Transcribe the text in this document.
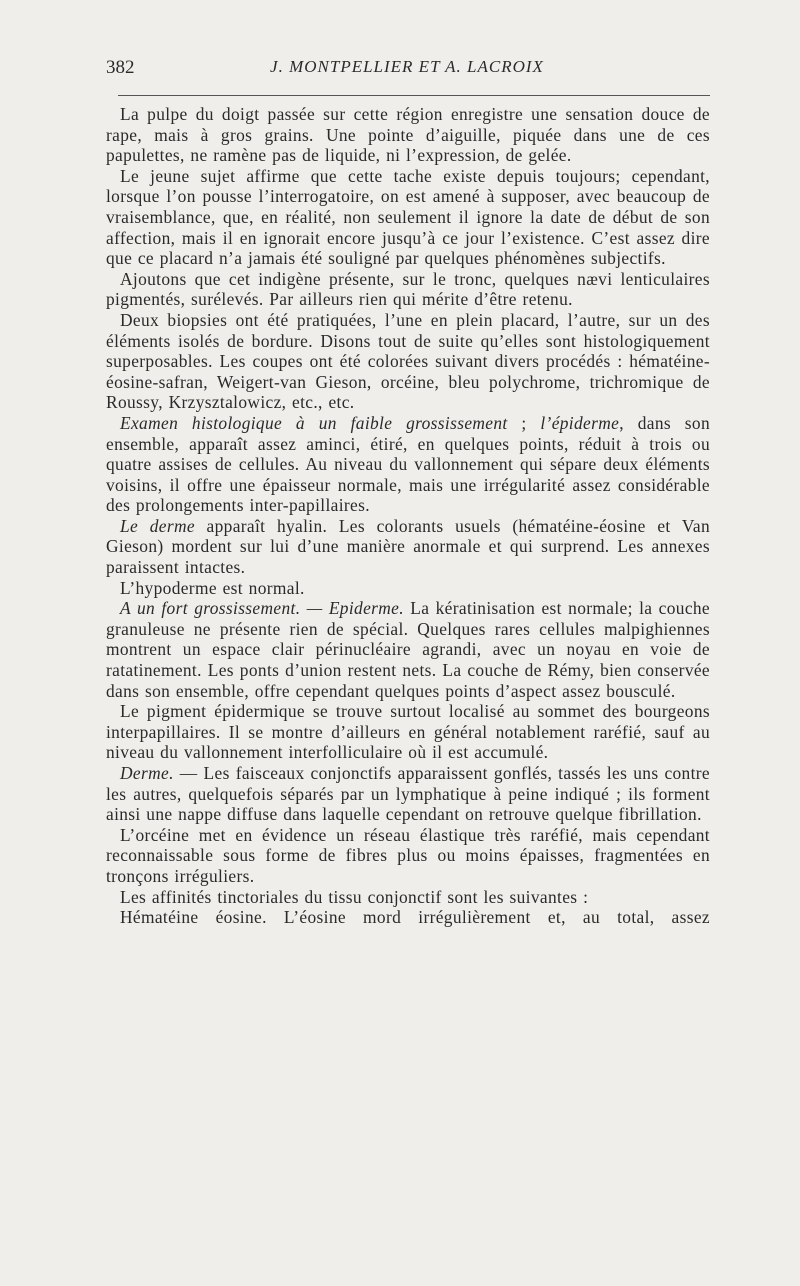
382	J. MONTPELLIER ET A. LACROIX

La pulpe du doigt passée sur cette région enregistre une sensation douce de rape, mais à gros grains. Une pointe d’aiguille, piquée dans une de ces papulettes, ne ramène pas de liquide, ni l’expression, de gelée.

Le jeune sujet affirme que cette tache existe depuis toujours; cependant, lorsque l’on pousse l’interrogatoire, on est amené à supposer, avec beaucoup de vraisemblance, que, en réalité, non seulement il ignore la date de début de son affection, mais il en ignorait encore jusqu’à ce jour l’existence. C’est assez dire que ce placard n’a jamais été souligné par quelques phénomènes subjectifs.

Ajoutons que cet indigène présente, sur le tronc, quelques nævi lenticulaires pigmentés, surélevés. Par ailleurs rien qui mérite d’être retenu.

Deux biopsies ont été pratiquées, l’une en plein placard, l’autre, sur un des éléments isolés de bordure. Disons tout de suite qu’elles sont histologiquement superposables. Les coupes ont été colorées suivant divers procédés : hématéine-éosine-safran, Weigert-van Gieson, orcéine, bleu polychrome, trichromique de Roussy, Krzysztalowicz, etc., etc.

Examen histologique à un faible grossissement ; l’épiderme, dans son ensemble, apparaît assez aminci, étiré, en quelques points, réduit à trois ou quatre assises de cellules. Au niveau du vallonnement qui sépare deux éléments voisins, il offre une épaisseur normale, mais une irrégularité assez considérable des prolongements inter-papillaires.

Le derme apparaît hyalin. Les colorants usuels (hématéine-éosine et Van Gieson) mordent sur lui d’une manière anormale et qui surprend. Les annexes paraissent intactes.

L’hypoderme est normal.

A un fort grossissement. — Epiderme. La kératinisation est normale; la couche granuleuse ne présente rien de spécial. Quelques rares cellules malpighiennes montrent un espace clair périnucléaire agrandi, avec un noyau en voie de ratatinement. Les ponts d’union restent nets. La couche de Rémy, bien conservée dans son ensemble, offre cependant quelques points d’aspect assez bousculé.

Le pigment épidermique se trouve surtout localisé au sommet des bourgeons interpapillaires. Il se montre d’ailleurs en général notablement raréfié, sauf au niveau du vallonnement interfolliculaire où il est accumulé.

Derme. — Les faisceaux conjonctifs apparaissent gonflés, tassés les uns contre les autres, quelquefois séparés par un lymphatique à peine indiqué ; ils forment ainsi une nappe diffuse dans laquelle cependant on retrouve quelque fibrillation.

L’orcéine met en évidence un réseau élastique très raréfié, mais cependant reconnaissable sous forme de fibres plus ou moins épaisses, fragmentées en tronçons irréguliers.

Les affinités tinctoriales du tissu conjonctif sont les suivantes :

Hématéine éosine. L’éosine mord irrégulièrement et, au total, assez
